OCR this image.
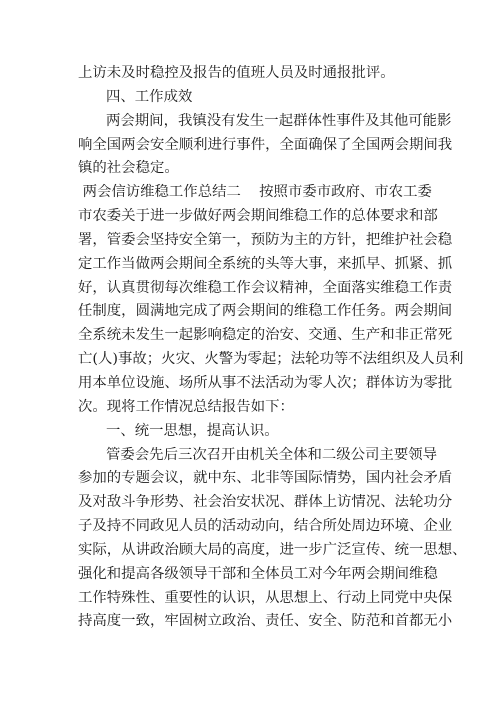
上访未及时稳控及报告的值班人员及时通报批评。
四、工作成效
两会期间，我镇没有发生一起群体性事件及其他可能影
响全国两会安全顺利进行事件，全面确保了全国两会期间我
镇的社会稳定。
两会信访维稳工作总结二    按照市委市政府、市农工委
市农委关于进一步做好两会期间维稳工作的总体要求和部
署，管委会坚持安全第一，预防为主的方针，把维护社会稳
定工作当做两会期间全系统的头等大事，来抓早、抓紧、抓
好，认真贯彻每次维稳工作会议精神，全面落实维稳工作责
任制度，圆满地完成了两会期间的维稳工作任务。两会期间
全系统未发生一起影响稳定的治安、交通、生产和非正常死
亡(人)事故；火灾、火警为零起；法轮功等不法组织及人员利
用本单位设施、场所从事不法活动为零人次；群体访为零批
次。现将工作情况总结报告如下：
一、统一思想，提高认识。
管委会先后三次召开由机关全体和二级公司主要领导
参加的专题会议，就中东、北非等国际情势，国内社会矛盾
及对敌斗争形势、社会治安状况、群体上访情况、法轮功分
子及持不同政见人员的活动动向，结合所处周边环境、企业
实际，从讲政治顾大局的高度，进一步广泛宣传、统一思想、
强化和提高各级领导干部和全体员工对今年两会期间维稳
工作特殊性、重要性的认识，从思想上、行动上同党中央保
持高度一致，牢固树立政治、责任、安全、防范和首都无小
